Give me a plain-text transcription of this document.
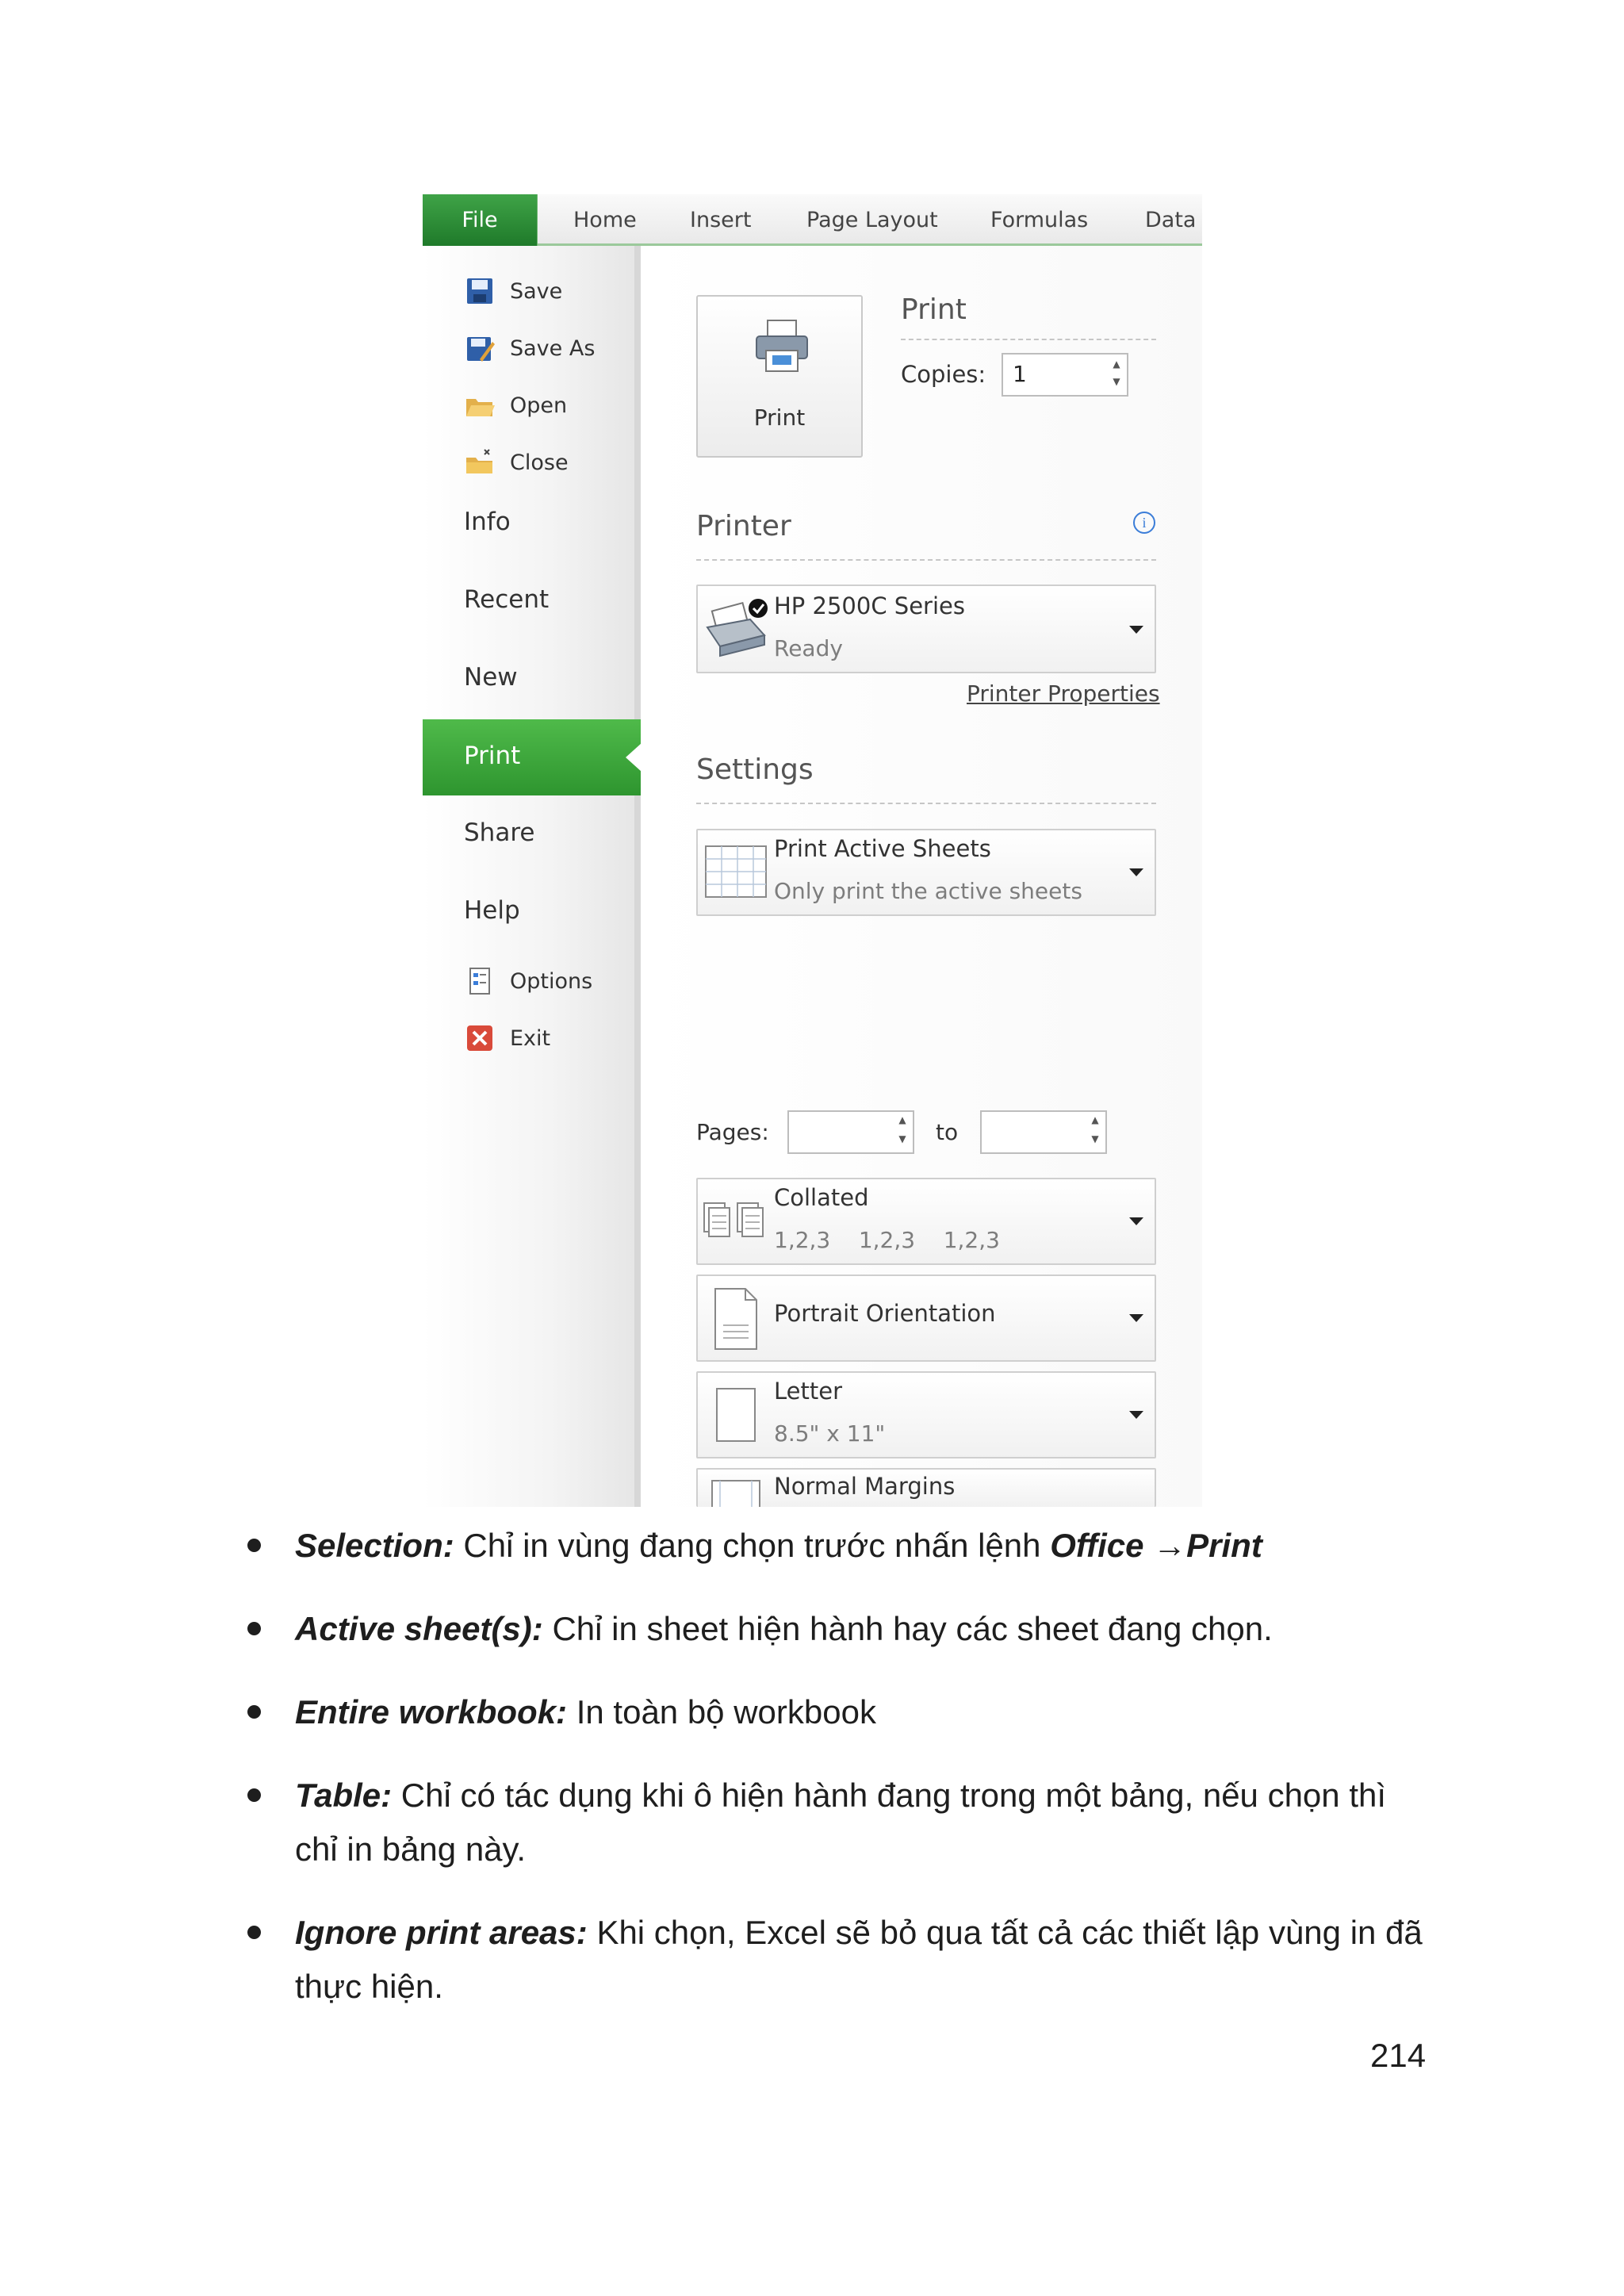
File	Home Insert	Page Layout Formulas	Data
Save
Save As
Open
Close
Info
Recent
New
Print
Share
Help
Options
Exit
Print
Print
Copies:	1	▲
▼
Printer	i
HP 2500C Series
Ready
Printer Properties
Settings
Print Active Sheets
Only print the active sheets
Pages:	▲
▼ to	▲
▼
Collated
1,2,3    1,2,3    1,2,3
Portrait Orientation
Letter
8.5" x 11"
Normal Margins
Selection: Chỉ in vùng đang chọn trước nhấn lệnh Office →Print
Active sheet(s): Chỉ in sheet hiện hành hay các sheet đang chọn.
Entire workbook: In toàn bộ workbook
Table: Chỉ có tác dụng khi ô hiện hành đang trong một bảng, nếu chọn thì chỉ in bảng này.
Ignore print areas: Khi chọn, Excel sẽ bỏ qua tất cả các thiết lập vùng in đã thực hiện.
214
